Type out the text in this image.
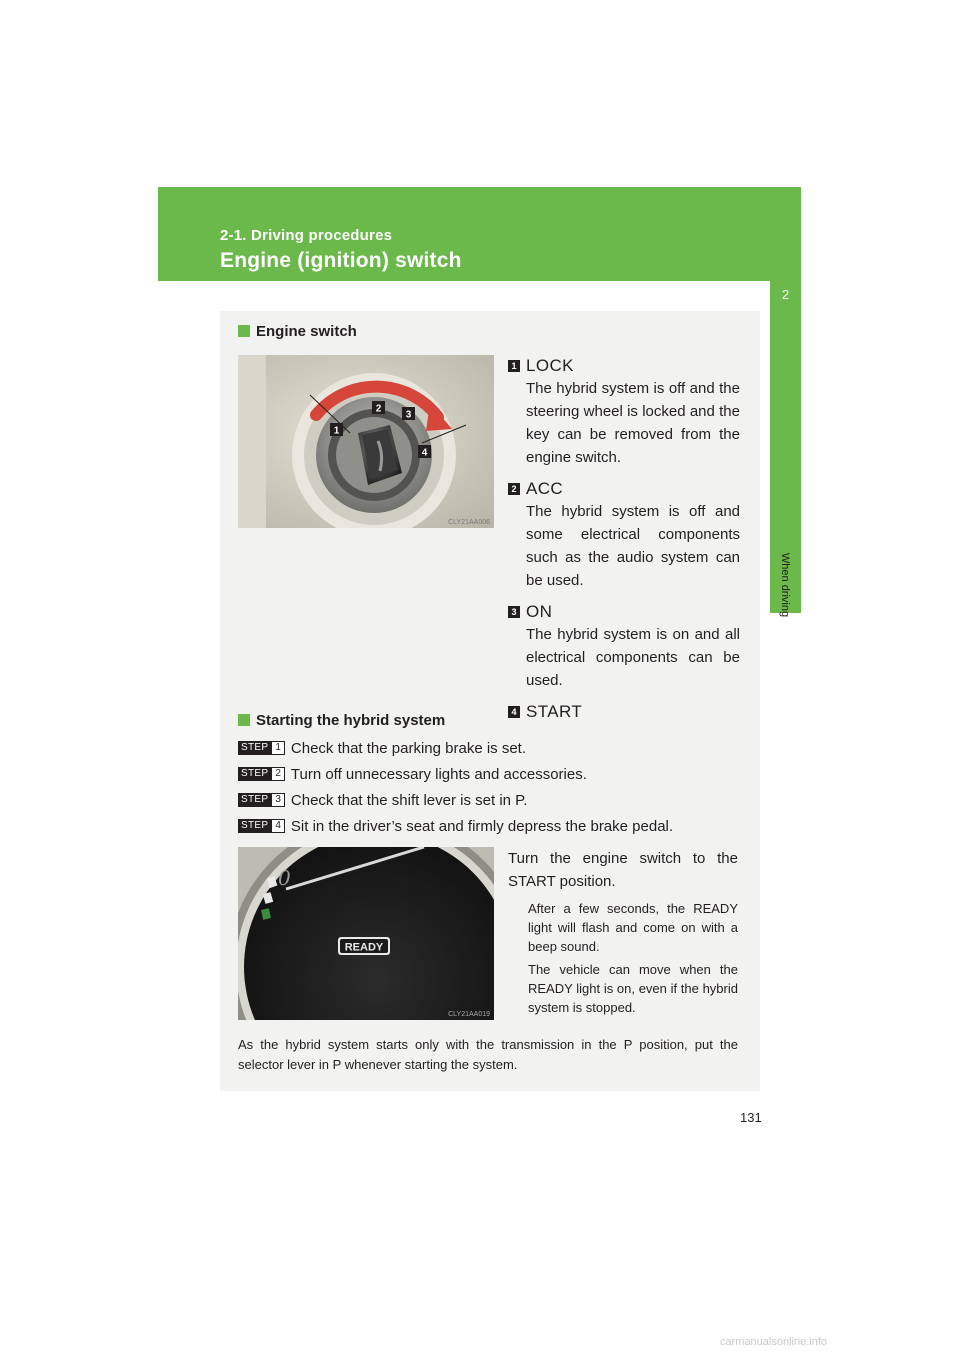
2-1. Driving procedures
Engine (ignition) switch
2
When driving
Engine switch
1
2
3
4
CLY21AA006
1 LOCK
The hybrid system is off and the steering wheel is locked and the key can be removed from the engine switch.
2 ACC
The hybrid system is off and some electrical components such as the audio system can be used.
3 ON
The hybrid system is on and all electrical components can be used.
4 START
Starting the hybrid system
STEP 1 Check that the parking brake is set.
STEP 2 Turn off unnecessary lights and accessories.
STEP 3 Check that the shift lever is set in P.
STEP 4 Sit in the driver’s seat and firmly depress the brake pedal.
0
READY
CLY21AA019
Turn the engine switch to the START position.
After a few seconds, the READY light will flash and come on with a beep sound.
The vehicle can move when the READY light is on, even if the hybrid system is stopped.
As the hybrid system starts only with the transmission in the P position, put the selector lever in P whenever starting the system.
131
carmanualsonline.info
